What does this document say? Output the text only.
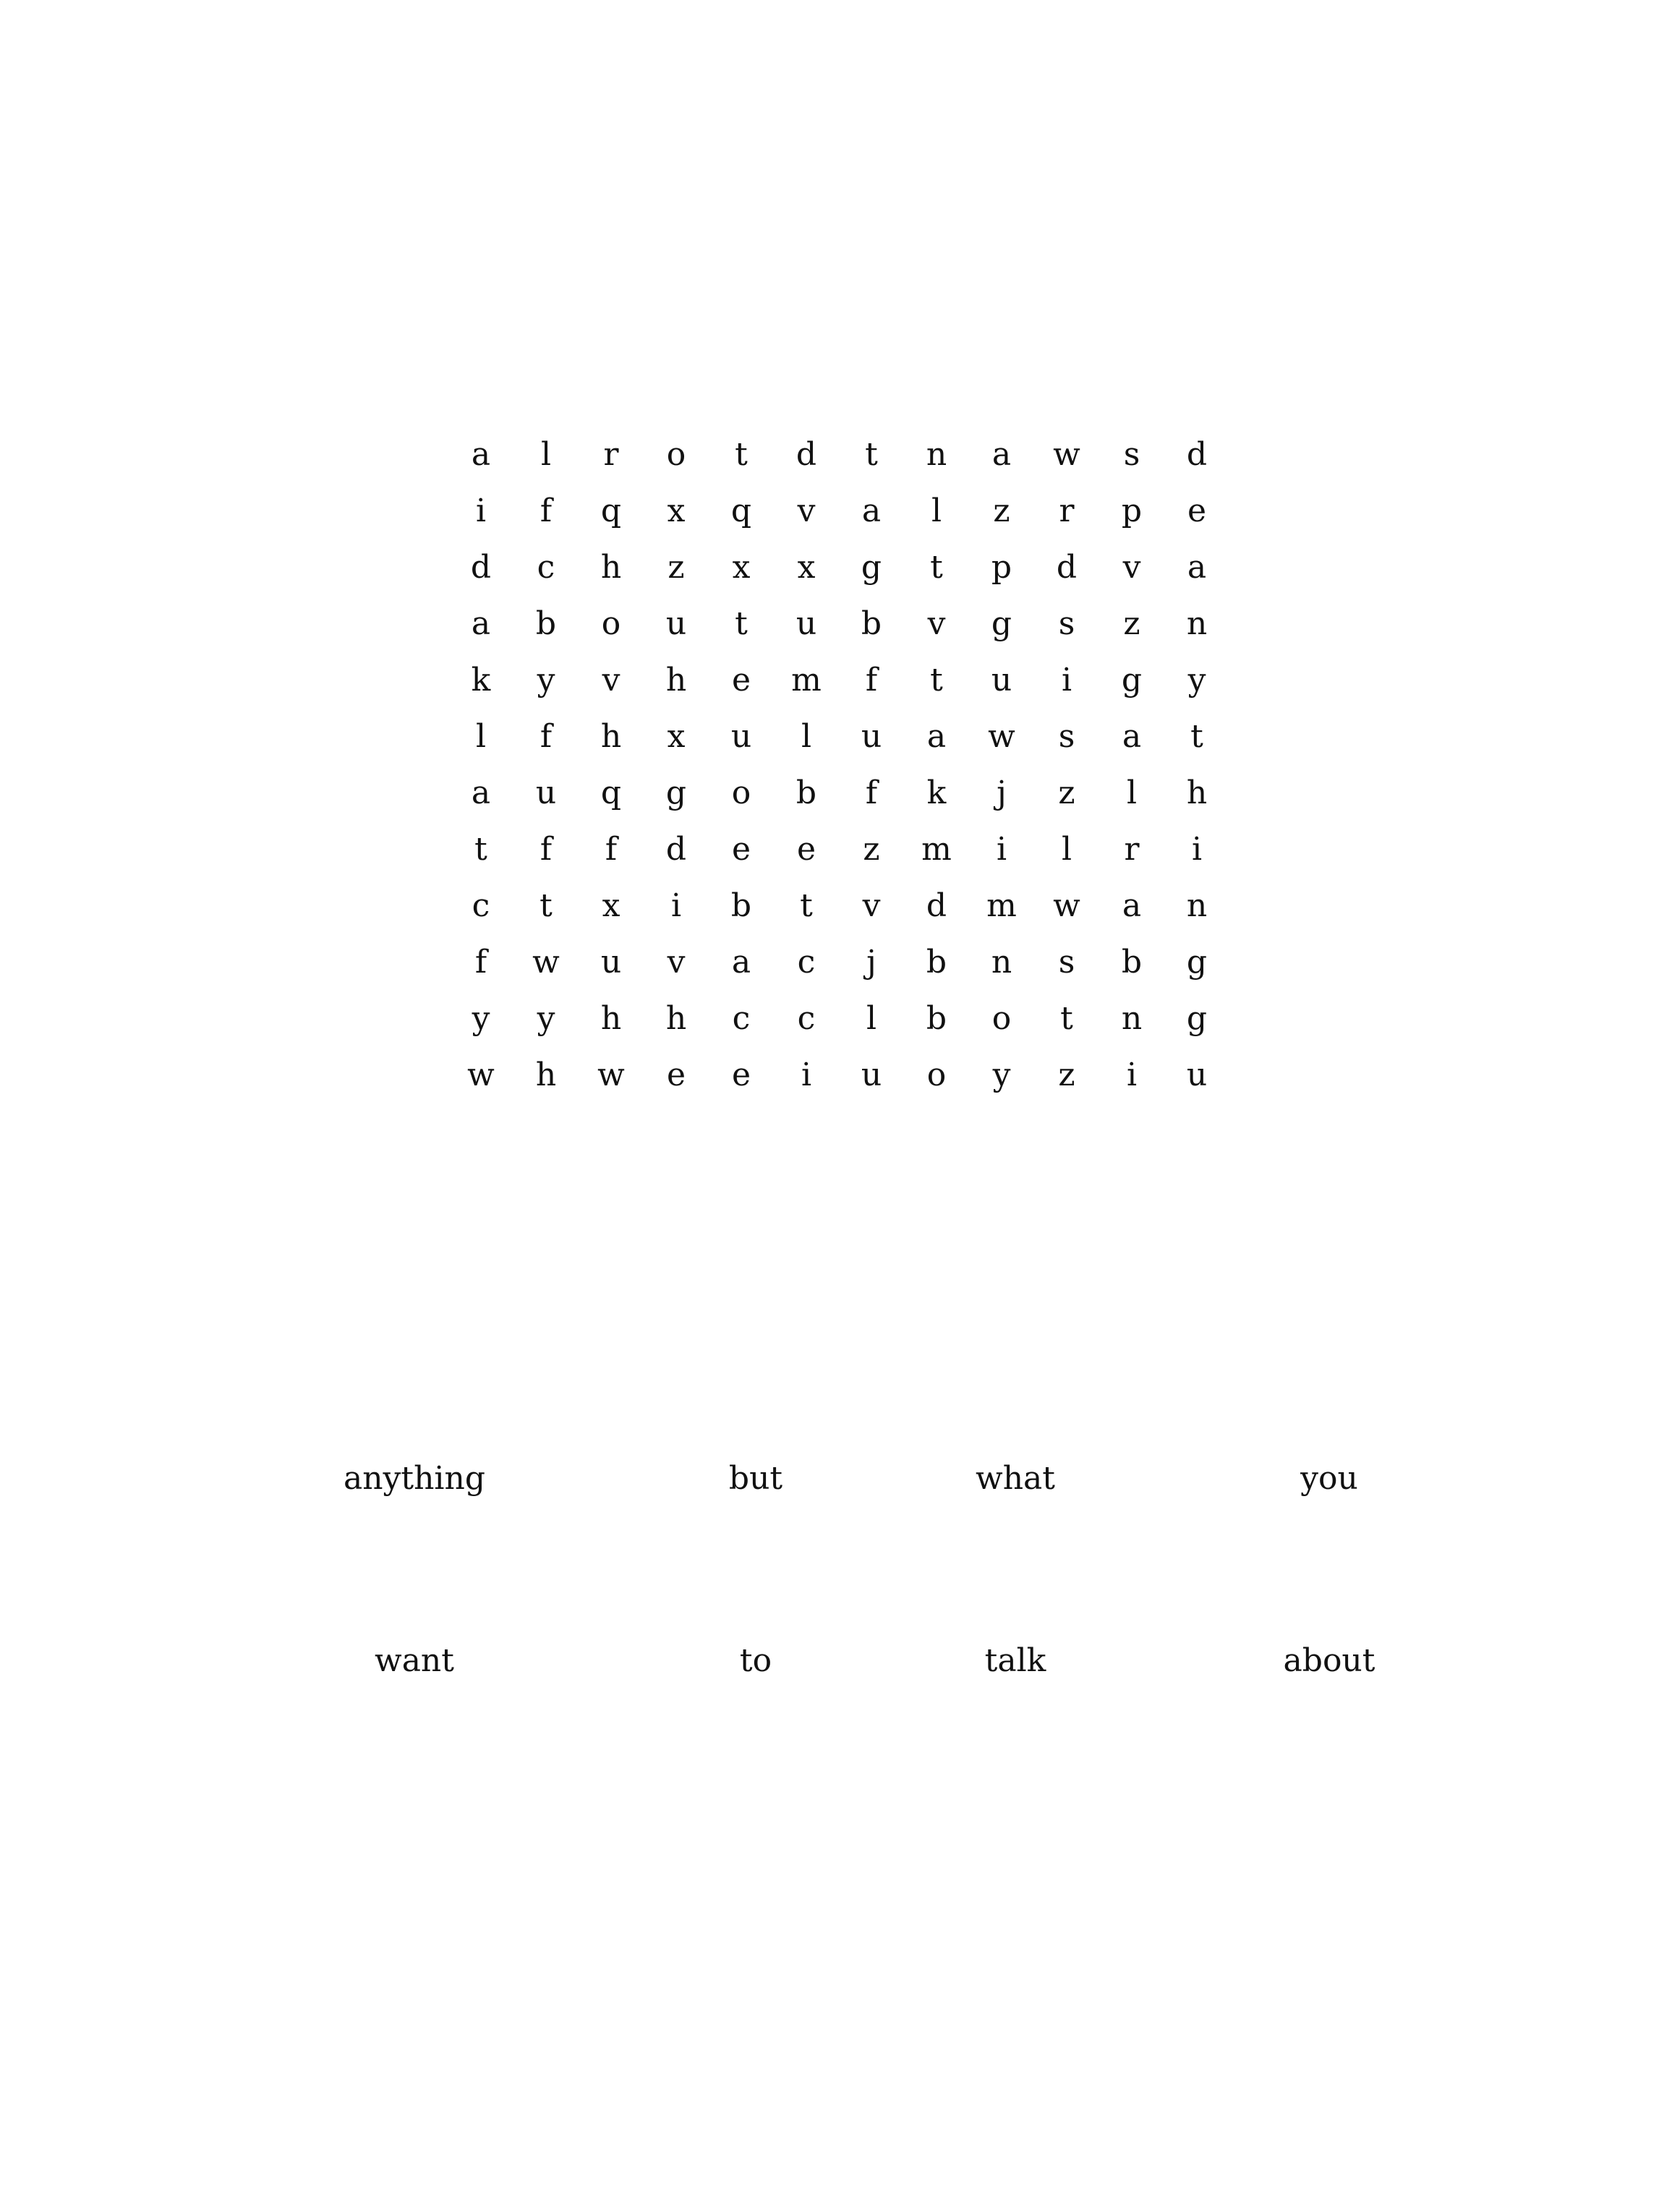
a	l	r	o	t	d	t	n	a	w	s	d
i	f	q	x	q	v	a	l	z	r	p	e
d	c	h	z	x	x	g	t	p	d	v	a
a	b	o	u	t	u	b	v	g	s	z	n
k	y	v	h	e	m	f	t	u	i	g	y
l	f	h	x	u	l	u	a	w	s	a	t
a	u	q	g	o	b	f	k	j	z	l	h
t	f	f	d	e	e	z	m	i	l	r	i
c	t	x	i	b	t	v	d	m	w	a	n
f	w	u	v	a	c	j	b	n	s	b	g
y	y	h	h	c	c	l	b	o	t	n	g
w	h	w	e	e	i	u	o	y	z	i	u
anything	but	what	you
want	to	talk	about
